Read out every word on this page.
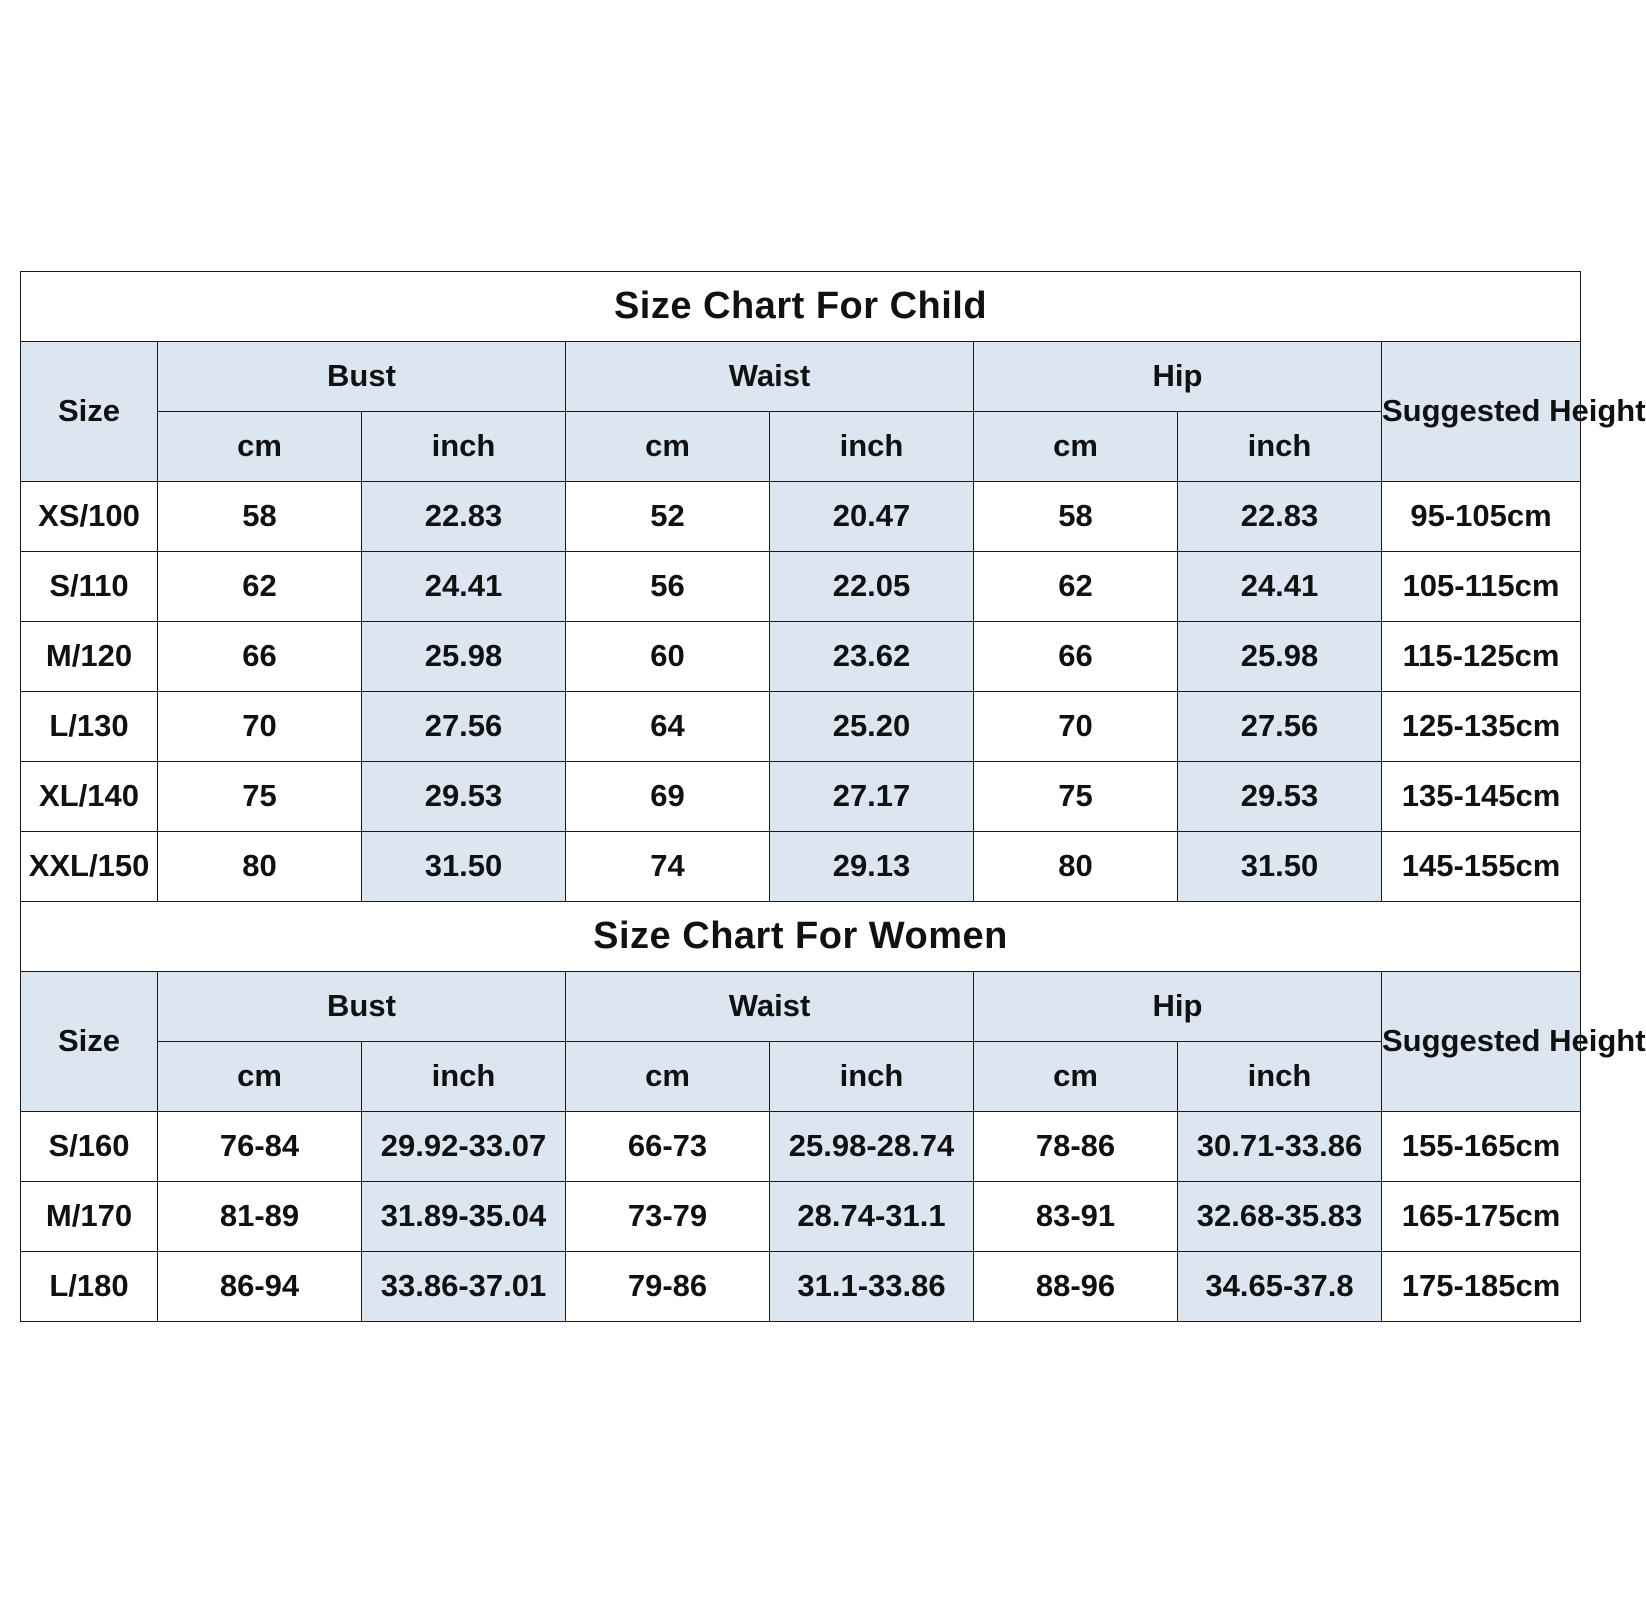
Size Chart For Child							
Size	Bust		Waist		Hip		Suggested Height
	cm	inch	cm	inch	cm	inch	
XS/100	58	22.83	52	20.47	58	22.83	95-105cm
S/110	62	24.41	56	22.05	62	24.41	105-115cm
M/120	66	25.98	60	23.62	66	25.98	115-125cm
L/130	70	27.56	64	25.20	70	27.56	125-135cm
XL/140	75	29.53	69	27.17	75	29.53	135-145cm
XXL/150	80	31.50	74	29.13	80	31.50	145-155cm
Size Chart For Women							
Size	Bust		Waist		Hip		Suggested Height
	cm	inch	cm	inch	cm	inch	
S/160	76-84	29.92-33.07	66-73	25.98-28.74	78-86	30.71-33.86	155-165cm
M/170	81-89	31.89-35.04	73-79	28.74-31.1	83-91	32.68-35.83	165-175cm
L/180	86-94	33.86-37.01	79-86	31.1-33.86	88-96	34.65-37.8	175-185cm
